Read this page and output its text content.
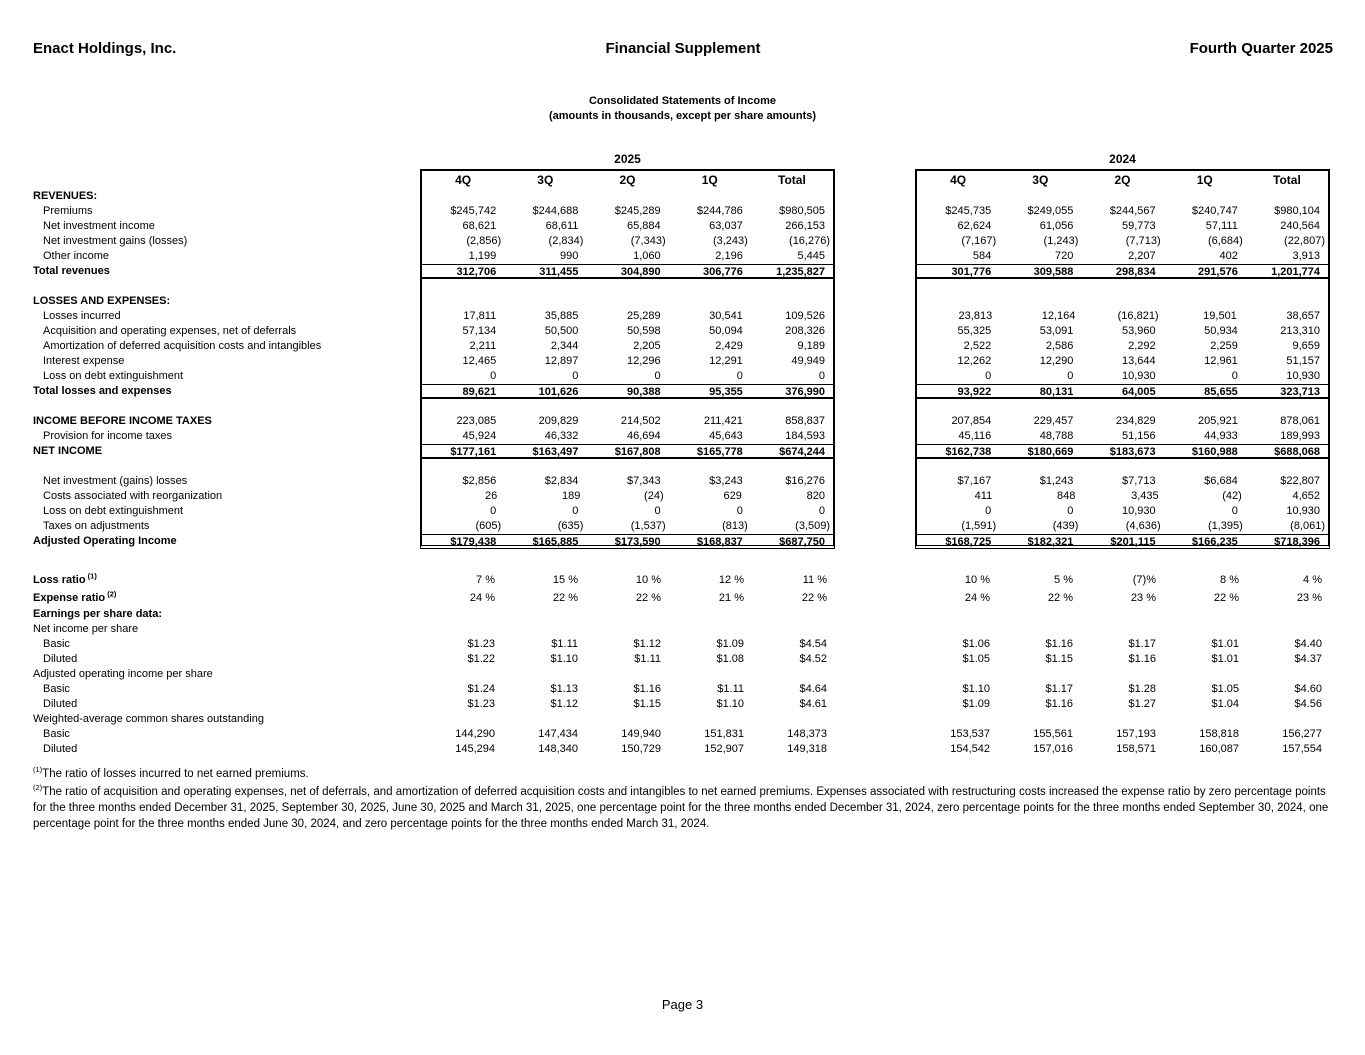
Enact Holdings, Inc.	Financial Supplement	Fourth Quarter 2025
Consolidated Statements of Income
(amounts in thousands, except per share amounts)
2025	2024
4Q	3Q	2Q	1Q	Total	4Q	3Q	2Q	1Q	Total
REVENUES:
Premiums	$245,742	$244,688	$245,289	$244,786	$980,505	$245,735	$249,055	$244,567	$240,747	$980,104
Net investment income	68,621	68,611	65,884	63,037	266,153	62,624	61,056	59,773	57,111	240,564
Net investment gains (losses)	(2,856)	(2,834)	(7,343)	(3,243)	(16,276)	(7,167)	(1,243)	(7,713)	(6,684)	(22,807)
Other income	1,199	990	1,060	2,196	5,445	584	720	2,207	402	3,913
Total revenues	312,706	311,455	304,890	306,776	1,235,827	301,776	309,588	298,834	291,576	1,201,774
LOSSES AND EXPENSES:
Losses incurred	17,811	35,885	25,289	30,541	109,526	23,813	12,164	(16,821)	19,501	38,657
Acquisition and operating expenses, net of deferrals	57,134	50,500	50,598	50,094	208,326	55,325	53,091	53,960	50,934	213,310
Amortization of deferred acquisition costs and intangibles	2,211	2,344	2,205	2,429	9,189	2,522	2,586	2,292	2,259	9,659
Interest expense	12,465	12,897	12,296	12,291	49,949	12,262	12,290	13,644	12,961	51,157
Loss on debt extinguishment	0	0	0	0	0	0	0	10,930	0	10,930
Total losses and expenses	89,621	101,626	90,388	95,355	376,990	93,922	80,131	64,005	85,655	323,713
INCOME BEFORE INCOME TAXES	223,085	209,829	214,502	211,421	858,837	207,854	229,457	234,829	205,921	878,061
Provision for income taxes	45,924	46,332	46,694	45,643	184,593	45,116	48,788	51,156	44,933	189,993
NET INCOME	$177,161	$163,497	$167,808	$165,778	$674,244	$162,738	$180,669	$183,673	$160,988	$688,068
Net investment (gains) losses	$2,856	$2,834	$7,343	$3,243	$16,276	$7,167	$1,243	$7,713	$6,684	$22,807
Costs associated with reorganization	26	189	(24)	629	820	411	848	3,435	(42)	4,652
Loss on debt extinguishment	0	0	0	0	0	0	0	10,930	0	10,930
Taxes on adjustments	(605)	(635)	(1,537)	(813)	(3,509)	(1,591)	(439)	(4,636)	(1,395)	(8,061)
Adjusted Operating Income	$179,438	$165,885	$173,590	$168,837	$687,750	$168,725	$182,321	$201,115	$166,235	$718,396
Loss ratio $^{(1)}$	7 %	15 %	10 %	12 %	11 %	10 %	5 %	(7)%	8 %	4 %
Expense ratio $^{(2)}$	24 %	22 %	22 %	21 %	22 %	24 %	22 %	23 %	22 %	23 %
Earnings per share data:
Net income per share
Basic	$1.23	$1.11	$1.12	$1.09	$4.54	$1.06	$1.16	$1.17	$1.01	$4.40
Diluted	$1.22	$1.10	$1.11	$1.08	$4.52	$1.05	$1.15	$1.16	$1.01	$4.37
Adjusted operating income per share
Basic	$1.24	$1.13	$1.16	$1.11	$4.64	$1.10	$1.17	$1.28	$1.05	$4.60
Diluted	$1.23	$1.12	$1.15	$1.10	$4.61	$1.09	$1.16	$1.27	$1.04	$4.56
Weighted-average common shares outstanding
Basic	144,290	147,434	149,940	151,831	148,373	153,537	155,561	157,193	158,818	156,277
Diluted	145,294	148,340	150,729	152,907	149,318	154,542	157,016	158,571	160,087	157,554
$^{(1)}$The ratio of losses incurred to net earned premiums.
$^{(2)}$The ratio of acquisition and operating expenses, net of deferrals, and amortization of deferred acquisition costs and intangibles to net earned premiums. Expenses associated with restructuring costs increased the expense ratio by zero percentage points for the three months ended December 31, 2025, September 30, 2025, June 30, 2025 and March 31, 2025, one percentage point for the three months ended December 31, 2024, zero percentage points for the three months ended September 30, 2024, one percentage point for the three months ended June 30, 2024, and zero percentage points for the three months ended March 31, 2024.
Page 3
